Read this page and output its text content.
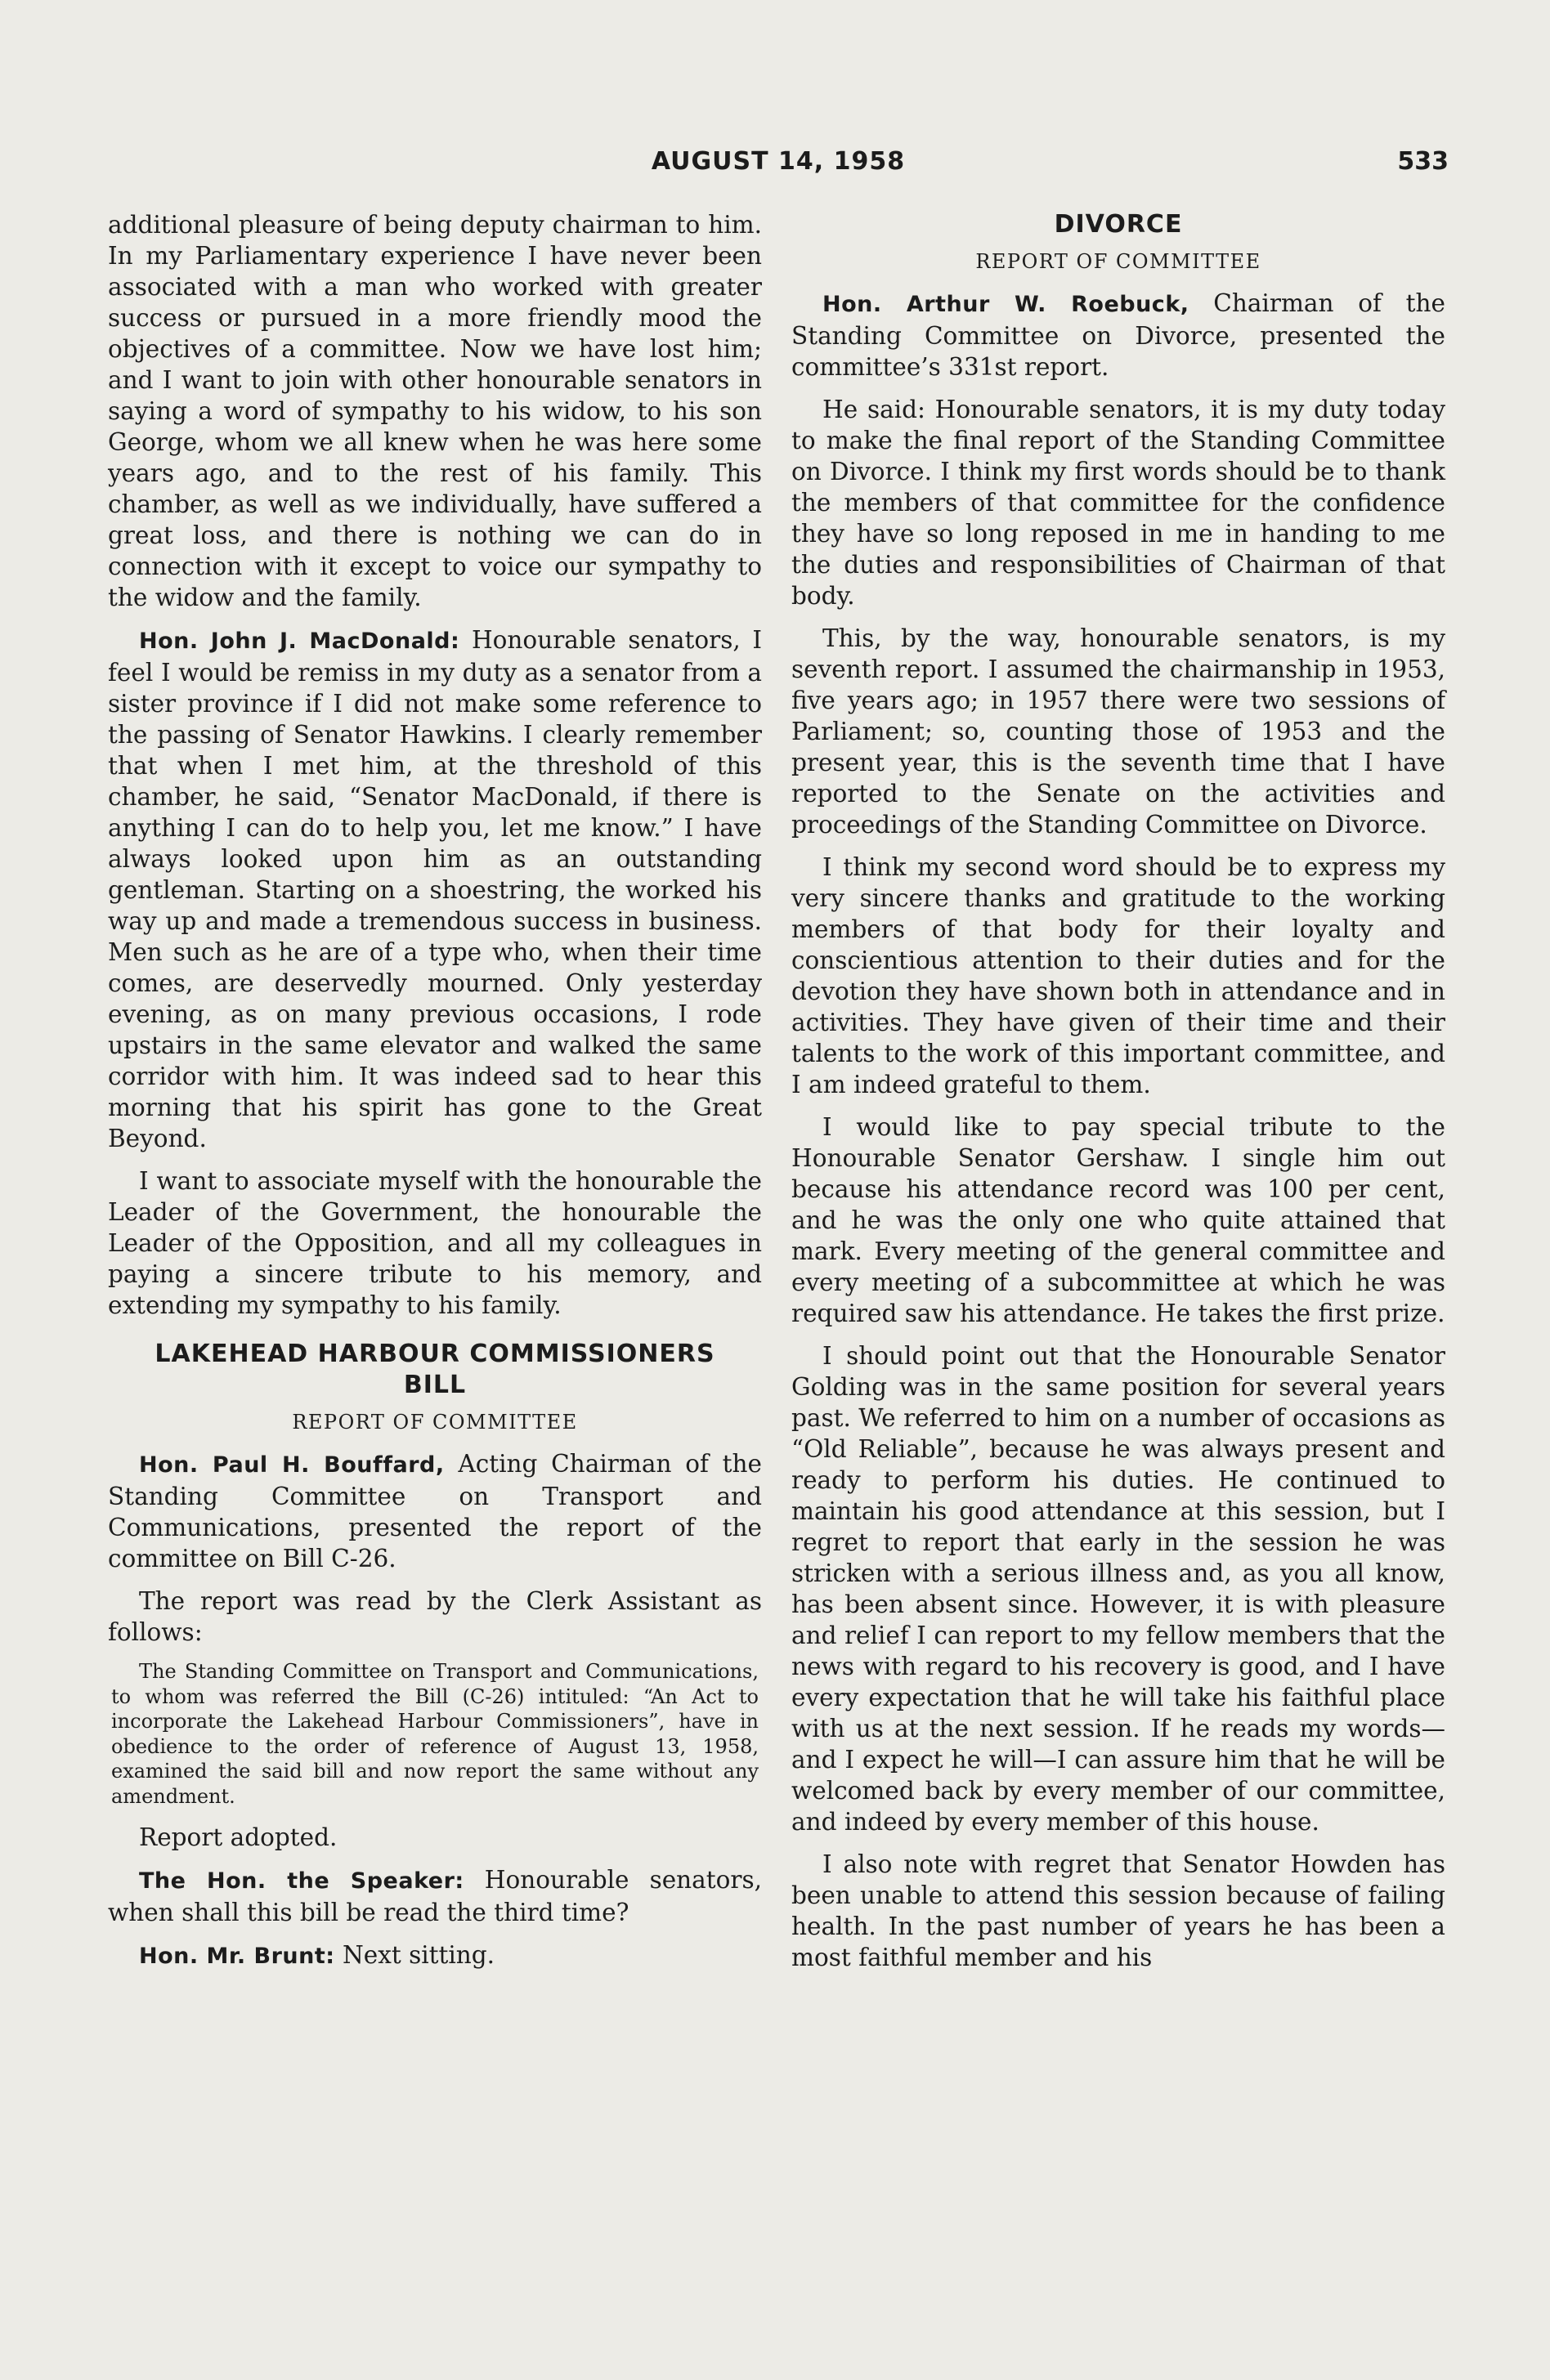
AUGUST 14, 1958	533

additional pleasure of being deputy chairman to him. In my Parliamentary experience I have never been associated with a man who worked with greater success or pursued in a more friendly mood the objectives of a committee. Now we have lost him; and I want to join with other honourable senators in saying a word of sympathy to his widow, to his son George, whom we all knew when he was here some years ago, and to the rest of his family. This chamber, as well as we individually, have suffered a great loss, and there is nothing we can do in connection with it except to voice our sympathy to the widow and the family.

Hon. John J. MacDonald: Honourable senators, I feel I would be remiss in my duty as a senator from a sister province if I did not make some reference to the passing of Senator Hawkins. I clearly remember that when I met him, at the threshold of this chamber, he said, “Senator MacDonald, if there is anything I can do to help you, let me know.” I have always looked upon him as an outstanding gentleman. Starting on a shoestring, the worked his way up and made a tremendous success in business. Men such as he are of a type who, when their time comes, are deservedly mourned. Only yesterday evening, as on many previous occasions, I rode upstairs in the same elevator and walked the same corridor with him. It was indeed sad to hear this morning that his spirit has gone to the Great Beyond.

I want to associate myself with the honourable the Leader of the Government, the honourable the Leader of the Opposition, and all my colleagues in paying a sincere tribute to his memory, and extending my sympathy to his family.

LAKEHEAD HARBOUR COMMISSIONERS BILL
REPORT OF COMMITTEE

Hon. Paul H. Bouffard, Acting Chairman of the Standing Committee on Transport and Communications, presented the report of the committee on Bill C-26.

The report was read by the Clerk Assistant as follows:

The Standing Committee on Transport and Communications, to whom was referred the Bill (C-26) intituled: “An Act to incorporate the Lakehead Harbour Commissioners”, have in obedience to the order of reference of August 13, 1958, examined the said bill and now report the same without any amendment.

Report adopted.

The Hon. the Speaker: Honourable senators, when shall this bill be read the third time?

Hon. Mr. Brunt: Next sitting.

DIVORCE
REPORT OF COMMITTEE

Hon. Arthur W. Roebuck, Chairman of the Standing Committee on Divorce, presented the committee’s 331st report.

He said: Honourable senators, it is my duty today to make the final report of the Standing Committee on Divorce. I think my first words should be to thank the members of that committee for the confidence they have so long reposed in me in handing to me the duties and responsibilities of Chairman of that body.

This, by the way, honourable senators, is my seventh report. I assumed the chairmanship in 1953, five years ago; in 1957 there were two sessions of Parliament; so, counting those of 1953 and the present year, this is the seventh time that I have reported to the Senate on the activities and proceedings of the Standing Committee on Divorce.

I think my second word should be to express my very sincere thanks and gratitude to the working members of that body for their loyalty and conscientious attention to their duties and for the devotion they have shown both in attendance and in activities. They have given of their time and their talents to the work of this important committee, and I am indeed grateful to them.

I would like to pay special tribute to the Honourable Senator Gershaw. I single him out because his attendance record was 100 per cent, and he was the only one who quite attained that mark. Every meeting of the general committee and every meeting of a subcommittee at which he was required saw his attendance. He takes the first prize.

I should point out that the Honourable Senator Golding was in the same position for several years past. We referred to him on a number of occasions as “Old Reliable”, because he was always present and ready to perform his duties. He continued to maintain his good attendance at this session, but I regret to report that early in the session he was stricken with a serious illness and, as you all know, has been absent since. However, it is with pleasure and relief I can report to my fellow members that the news with regard to his recovery is good, and I have every expectation that he will take his faithful place with us at the next session. If he reads my words—and I expect he will—I can assure him that he will be welcomed back by every member of our committee, and indeed by every member of this house.

I also note with regret that Senator Howden has been unable to attend this session because of failing health. In the past number of years he has been a most faithful member and his
